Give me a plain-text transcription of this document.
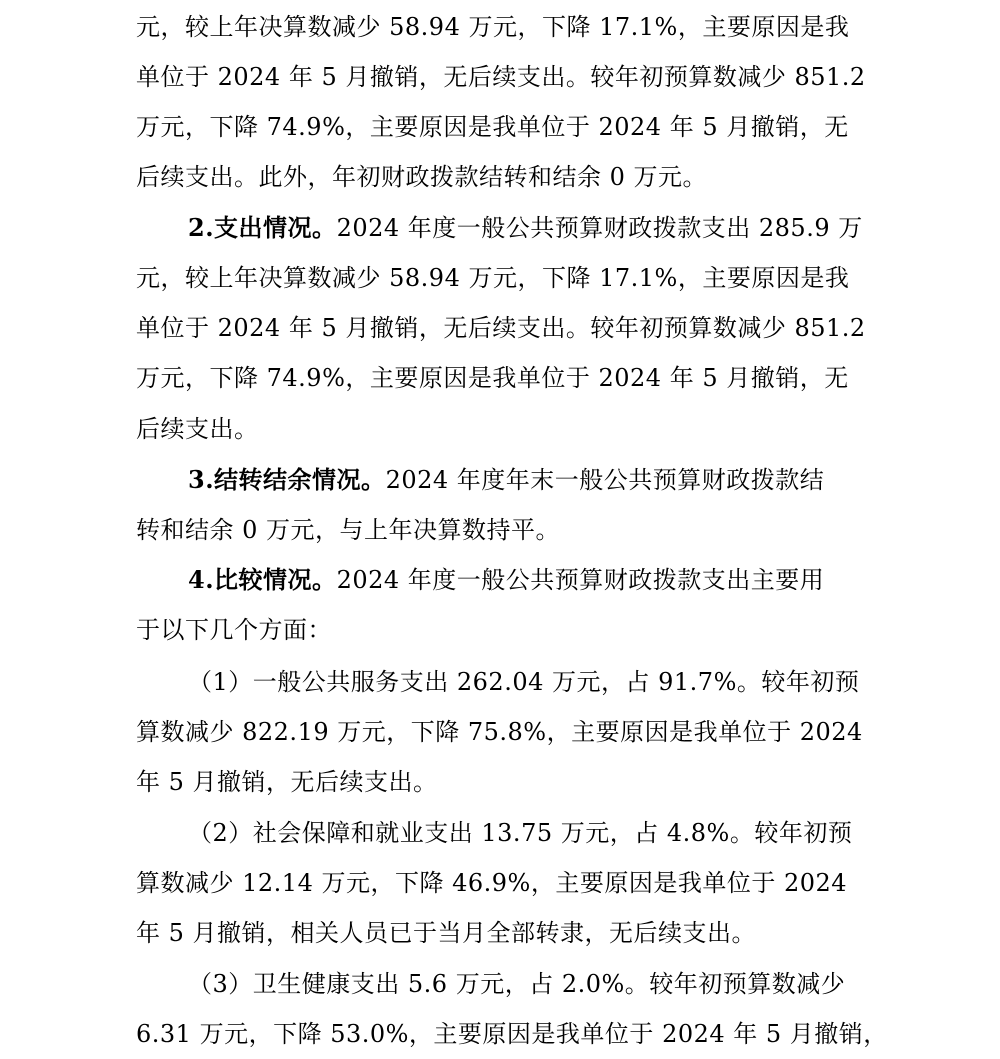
元，较上年决算数减少 58.94 万元，下降 17.1%，主要原因是我
单位于 2024 年 5 月撤销，无后续支出。较年初预算数减少 851.2
万元，下降 74.9%，主要原因是我单位于 2024 年 5 月撤销，无
后续支出。此外，年初财政拨款结转和结余 0 万元。
2.支出情况。2024 年度一般公共预算财政拨款支出 285.9 万
元，较上年决算数减少 58.94 万元，下降 17.1%，主要原因是我
单位于 2024 年 5 月撤销，无后续支出。较年初预算数减少 851.2
万元，下降 74.9%，主要原因是我单位于 2024 年 5 月撤销，无
后续支出。
3.结转结余情况。2024 年度年末一般公共预算财政拨款结
转和结余 0 万元，与上年决算数持平。
4.比较情况。2024 年度一般公共预算财政拨款支出主要用
于以下几个方面：
（1）一般公共服务支出 262.04 万元，占 91.7%。较年初预
算数减少 822.19 万元，下降 75.8%，主要原因是我单位于 2024
年 5 月撤销，无后续支出。
（2）社会保障和就业支出 13.75 万元，占 4.8%。较年初预
算数减少 12.14 万元，下降 46.9%，主要原因是我单位于 2024
年 5 月撤销，相关人员已于当月全部转隶，无后续支出。
（3）卫生健康支出 5.6 万元，占 2.0%。较年初预算数减少
6.31 万元，下降 53.0%，主要原因是我单位于 2024 年 5 月撤销，
